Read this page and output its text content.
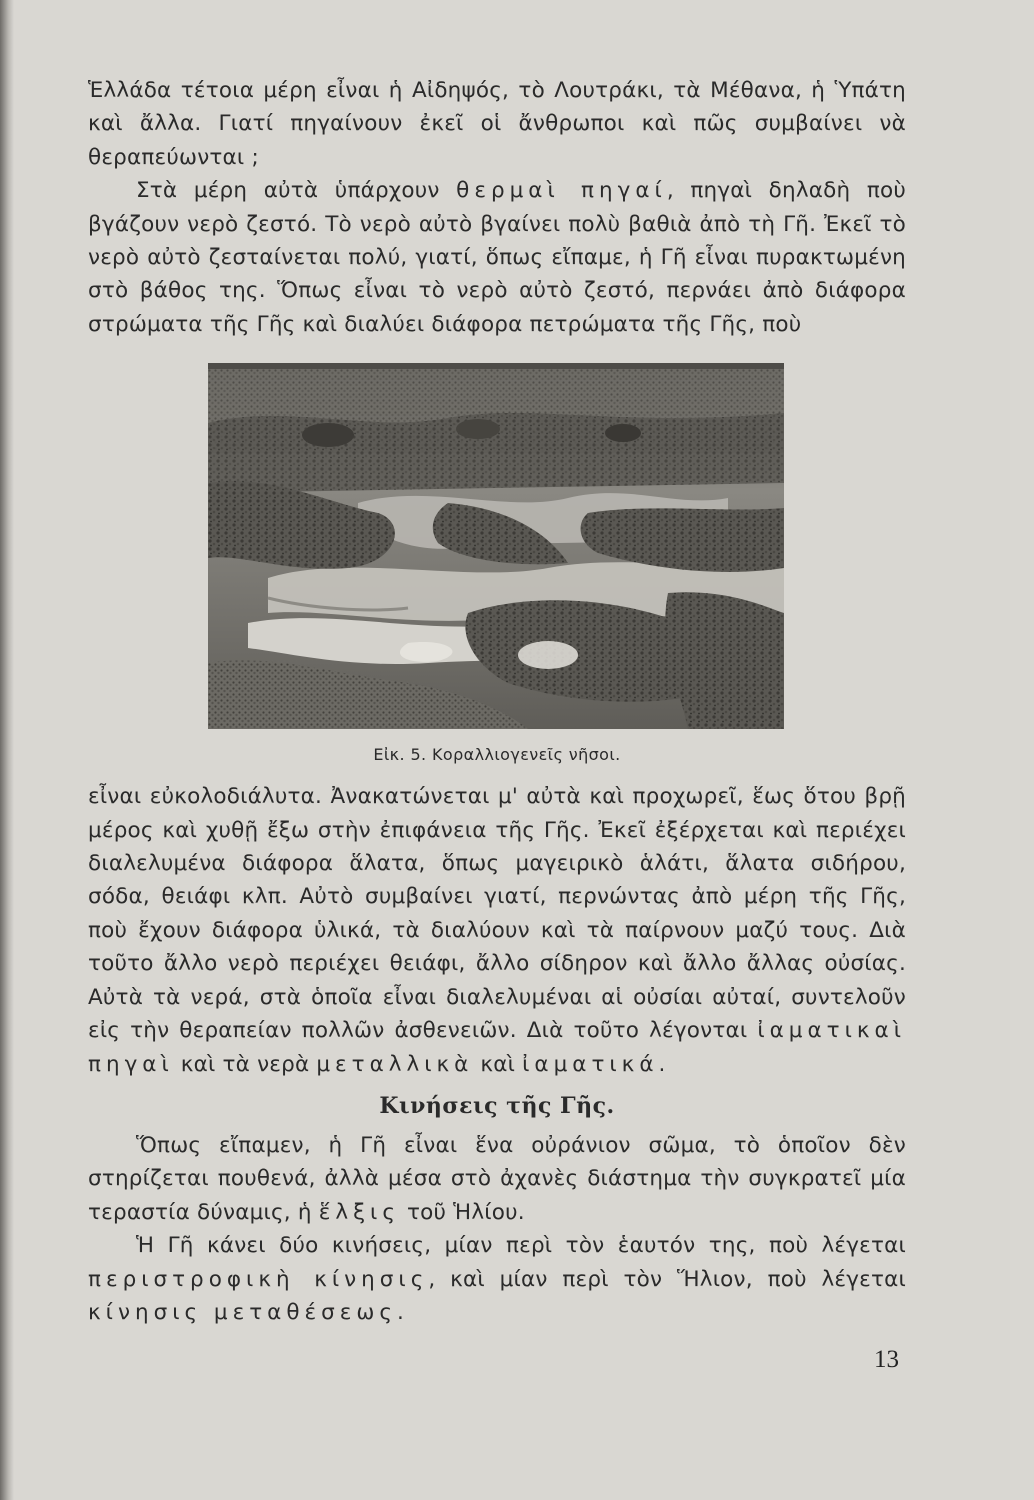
Ἑλλάδα τέτοια μέρη εἶναι ἡ Αἰδηψός, τὸ Λουτράκι, τὰ Μέθανα, ἡ Ὑπάτη καὶ ἄλλα. Γιατί πηγαίνουν ἐκεῖ οἱ ἄνθρωποι καὶ πῶς συμβαίνει νὰ θεραπεύωνται ;

Στὰ μέρη αὐτὰ ὑπάρχουν θερμαὶ πηγαί, πηγαὶ δηλαδὴ ποὺ βγάζουν νερὸ ζεστό. Τὸ νερὸ αὐτὸ βγαίνει πολὺ βαθιὰ ἀπὸ τὴ Γῆ. Ἐκεῖ τὸ νερὸ αὐτὸ ζεσταίνεται πολύ, γιατί, ὅπως εἴπαμε, ἡ Γῆ εἶναι πυρακτωμένη στὸ βάθος της. Ὅπως εἶναι τὸ νερὸ αὐτὸ ζεστό, περνάει ἀπὸ διάφορα στρώματα τῆς Γῆς καὶ διαλύει διάφορα πετρώματα τῆς Γῆς, ποὺ

Εἰκ. 5. Κοραλλιογενεῖς νῆσοι.

εἶναι εὐκολοδιάλυτα. Ἀνακατώνεται μ' αὐτὰ καὶ προχωρεῖ, ἕως ὅτου βρῇ μέρος καὶ χυθῇ ἔξω στὴν ἐπιφάνεια τῆς Γῆς. Ἐκεῖ ἐξέρχεται καὶ περιέχει διαλελυμένα διάφορα ἅλατα, ὅπως μαγειρικὸ ἁλάτι, ἅλατα σιδήρου, σόδα, θειάφι κλπ. Αὐτὸ συμβαίνει γιατί, περνώντας ἀπὸ μέρη τῆς Γῆς, ποὺ ἔχουν διάφορα ὑλικά, τὰ διαλύουν καὶ τὰ παίρνουν μαζύ τους. Διὰ τοῦτο ἄλλο νερὸ περιέχει θειάφι, ἄλλο σίδηρον καὶ ἄλλο ἄλλας οὐσίας. Αὐτὰ τὰ νερά, στὰ ὁποῖα εἶναι διαλελυμέναι αἱ οὐσίαι αὐταί, συντελοῦν εἰς τὴν θεραπείαν πολλῶν ἀσθενειῶν. Διὰ τοῦτο λέγονται ἰαματικαὶ πηγαὶ καὶ τὰ νερὰ μεταλλικὰ καὶ ἰαματικά.

Κινήσεις τῆς Γῆς.

Ὅπως εἴπαμεν, ἡ Γῆ εἶναι ἕνα οὐράνιον σῶμα, τὸ ὁποῖον δὲν στηρίζεται πουθενά, ἀλλὰ μέσα στὸ ἀχανὲς διάστημα τὴν συγκρατεῖ μία τεραστία δύναμις, ἡ ἕλξις τοῦ Ἡλίου.

Ἡ Γῆ κάνει δύο κινήσεις, μίαν περὶ τὸν ἑαυτόν της, ποὺ λέγεται περιστροφικὴ κίνησις, καὶ μίαν περὶ τὸν Ἥλιον, ποὺ λέγεται κίνησις μεταθέσεως.

13
